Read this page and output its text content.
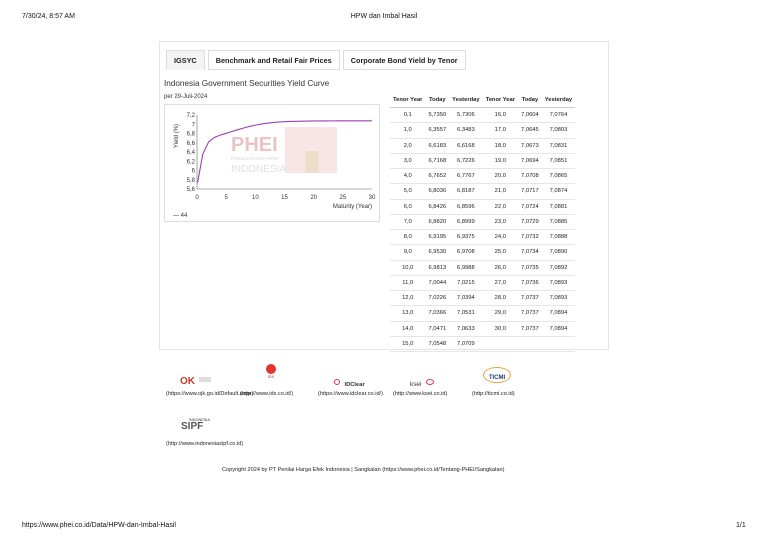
7/30/24, 8:57 AM	HPW dan Imbal Hasil
IGSYC	Benchmark and Retail Fair Prices	Corporate Bond Yield by Tenor
Indonesia Government Securities Yield Curve
per 29-Juli-2024
PHEI
PENILAI HARGA EFEK
INDONESIA
5,6
5,8
6
6,2
6,4
6,6
6,8
7
7,2
0	5	10	15	20	25	30
Yield (%)
Maturity (Year)
— 44
Tenor Year	Today	Yesterday	Tenor Year	Today	Yesterday
0,1	5,7350	5,7306	16,0	7,0604	7,0764
1,0	6,3557	6,3483	17,0	7,0645	7,0803
2,0	6,6183	6,6168	18,0	7,0673	7,0831
3,0	6,7168	6,7226	19,0	7,0694	7,0851
4,0	6,7652	6,7767	20,0	7,0708	7,0865
5,0	6,8036	6,8187	21,0	7,0717	7,0874
6,0	6,8426	6,8596	22,0	7,0724	7,0881
7,0	6,8820	6,8999	23,0	7,0729	7,0885
8,0	6,9195	6,9375	24,0	7,0732	7,0888
9,0	6,9530	6,9708	25,0	7,0734	7,0890
10,0	6,9813	6,9988	26,0	7,0735	7,0892
11,0	7,0044	7,0215	27,0	7,0736	7,0893
12,0	7,0226	7,0394	28,0	7,0737	7,0893
13,0	7,0366	7,0531	29,0	7,0737	7,0894
14,0	7,0471	7,0633	30,0	7,0737	7,0894
15,0	7,0548	7,0709			
OK	IDX
IDClear	ksei
TICMI
(https://www.ojk.go.id/Default.aspx)
(http://www.idx.co.id/)	(https://www.idclear.co.id/) (http://www.ksei.co.id)	(http://ticmi.co.id)
INDONESIA
SIPF
(http://www.indonesiasipf.co.id)
Copyright 2024 by PT Penilai Harga Efek Indonesia | Sangkalan (https://www.phei.co.id/Tentang-PHEI/Sangkalan)
https://www.phei.co.id/Data/HPW-dan-Imbal-Hasil	1/1
